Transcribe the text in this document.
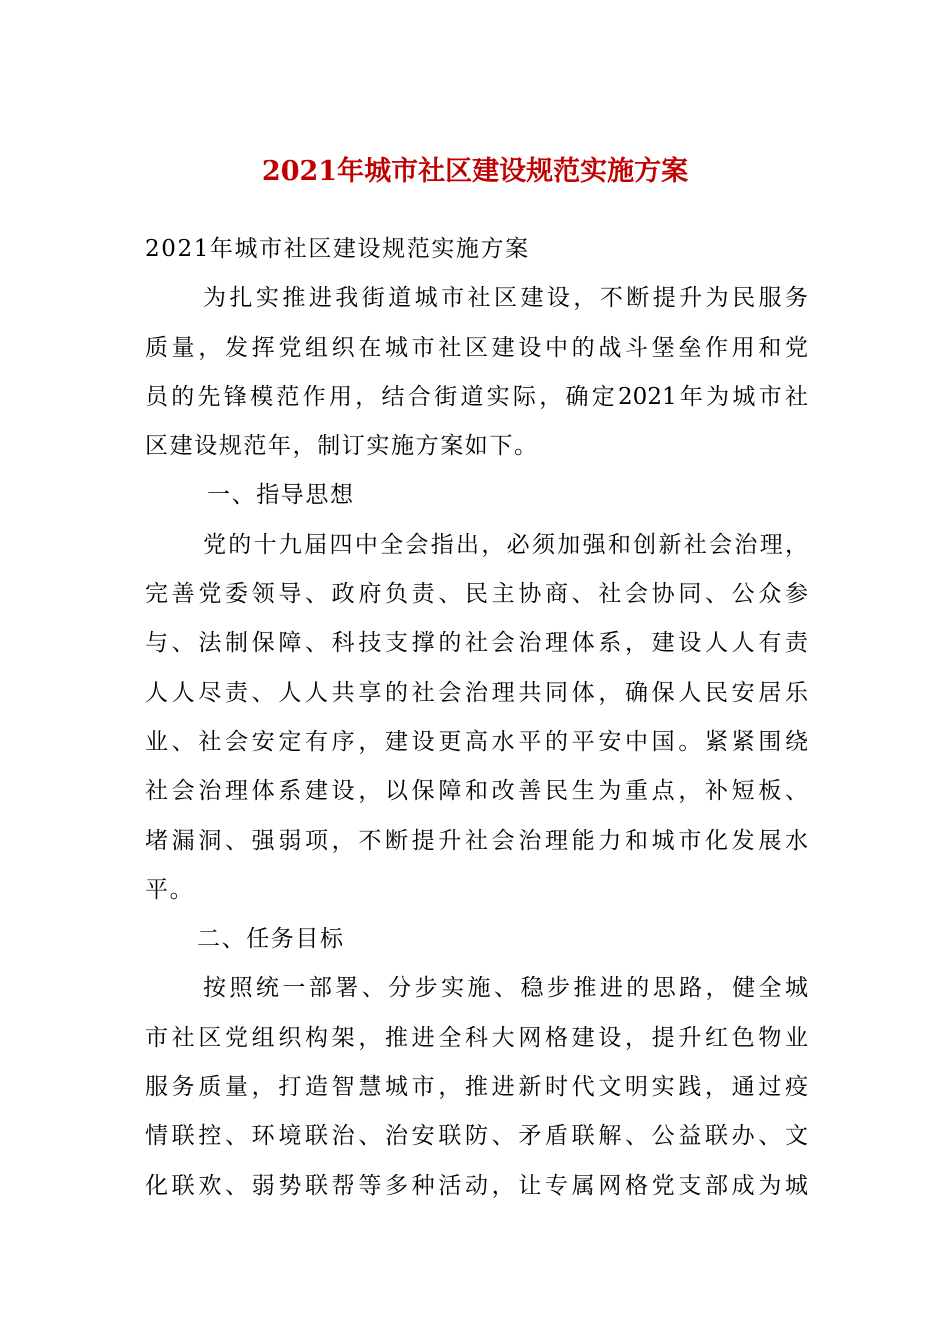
2021年城市社区建设规范实施方案
2021年城市社区建设规范实施方案
为扎实推进我街道城市社区建设，不断提升为民服务
质量，发挥党组织在城市社区建设中的战斗堡垒作用和党
员的先锋模范作用，结合街道实际，确定2021年为城市社
区建设规范年，制订实施方案如下。
一、指导思想
党的十九届四中全会指出，必须加强和创新社会治理，
完善党委领导、政府负责、民主协商、社会协同、公众参
与、法制保障、科技支撑的社会治理体系，建设人人有责
人人尽责、人人共享的社会治理共同体，确保人民安居乐
业、社会安定有序，建设更高水平的平安中国。紧紧围绕
社会治理体系建设，以保障和改善民生为重点，补短板、
堵漏洞、强弱项，不断提升社会治理能力和城市化发展水
平。
二、任务目标
按照统一部署、分步实施、稳步推进的思路，健全城
市社区党组织构架，推进全科大网格建设，提升红色物业
服务质量，打造智慧城市，推进新时代文明实践，通过疫
情联控、环境联治、治安联防、矛盾联解、公益联办、文
化联欢、弱势联帮等多种活动，让专属网格党支部成为城
